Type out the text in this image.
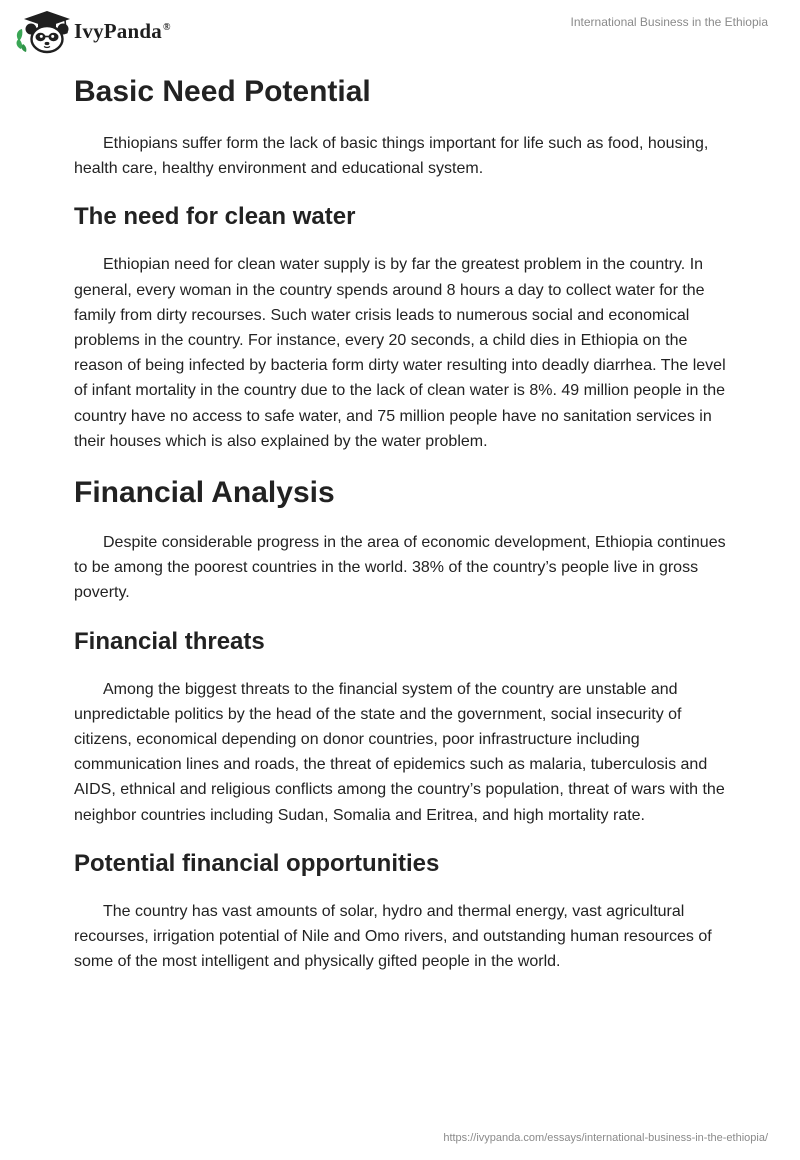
IvyPanda®	International Business in the Ethiopia
Basic Need Potential

Ethiopians suffer form the lack of basic things important for life such as food, housing, health care, healthy environment and educational system.

The need for clean water

Ethiopian need for clean water supply is by far the greatest problem in the country. In general, every woman in the country spends around 8 hours a day to collect water for the family from dirty recourses. Such water crisis leads to numerous social and economical problems in the country. For instance, every 20 seconds, a child dies in Ethiopia on the reason of being infected by bacteria form dirty water resulting into deadly diarrhea. The level of infant mortality in the country due to the lack of clean water is 8%. 49 million people in the country have no access to safe water, and 75 million people have no sanitation services in their houses which is also explained by the water problem.

Financial Analysis

Despite considerable progress in the area of economic development, Ethiopia continues to be among the poorest countries in the world. 38% of the country’s people live in gross poverty.

Financial threats

Among the biggest threats to the financial system of the country are unstable and unpredictable politics by the head of the state and the government, social insecurity of citizens, economical depending on donor countries, poor infrastructure including communication lines and roads, the threat of epidemics such as malaria, tuberculosis and AIDS, ethnical and religious conflicts among the country’s population, threat of wars with the neighbor countries including Sudan, Somalia and Eritrea, and high mortality rate.

Potential financial opportunities

The country has vast amounts of solar, hydro and thermal energy, vast agricultural recourses, irrigation potential of Nile and Omo rivers, and outstanding human resources of some of the most intelligent and physically gifted people in the world.

https://ivypanda.com/essays/international-business-in-the-ethiopia/
